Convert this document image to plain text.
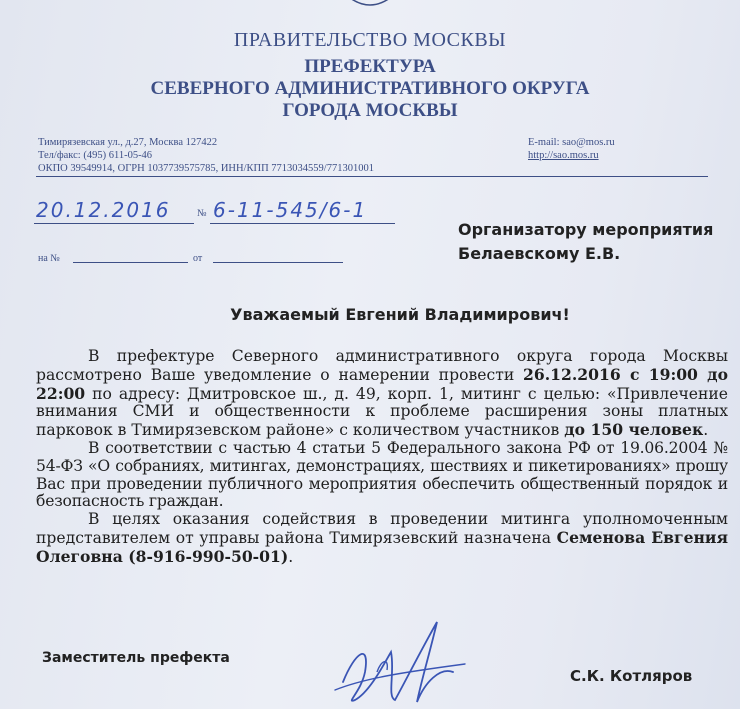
ПРАВИТЕЛЬСТВО МОСКВЫ
ПРЕФЕКТУРА
СЕВЕРНОГО АДМИНИСТРАТИВНОГО ОКРУГА
ГОРОДА МОСКВЫ
Тимирязевская ул., д.27, Москва 127422
Тел/факс: (495) 611-05-46
ОКПО 39549914, ОГРН 1037739575785, ИНН/КПП 7713034559/771301001
E-mail: sao@mos.ru
http://sao.mos.ru
20.12.2016	№ 6-11-545/6-1
на №	от
Организатору мероприятия
Белаевскому Е.В.
Уважаемый Евгений Владимирович!

В префектуре Северного административного округа города Москвы рассмотрено Ваше уведомление о намерении провести 26.12.2016 с 19:00 до 22:00 по адресу: Дмитровское ш., д. 49, корп. 1, митинг с целью: «Привлечение внимания СМИ и общественности к проблеме расширения зоны платных парковок в Тимирязевском районе» с количеством участников до 150 человек.

В соответствии с частью 4 статьи 5 Федерального закона РФ от 19.06.2004 № 54-ФЗ «О собраниях, митингах, демонстрациях, шествиях и пикетированиях» прошу Вас при проведении публичного мероприятия обеспечить общественный порядок и безопасность граждан.

В целях оказания содействия в проведении митинга уполномоченным представителем от управы района Тимирязевский назначена Семенова Евгения Олеговна (8-916-990-50-01).

Заместитель префекта
С.К. Котляров
